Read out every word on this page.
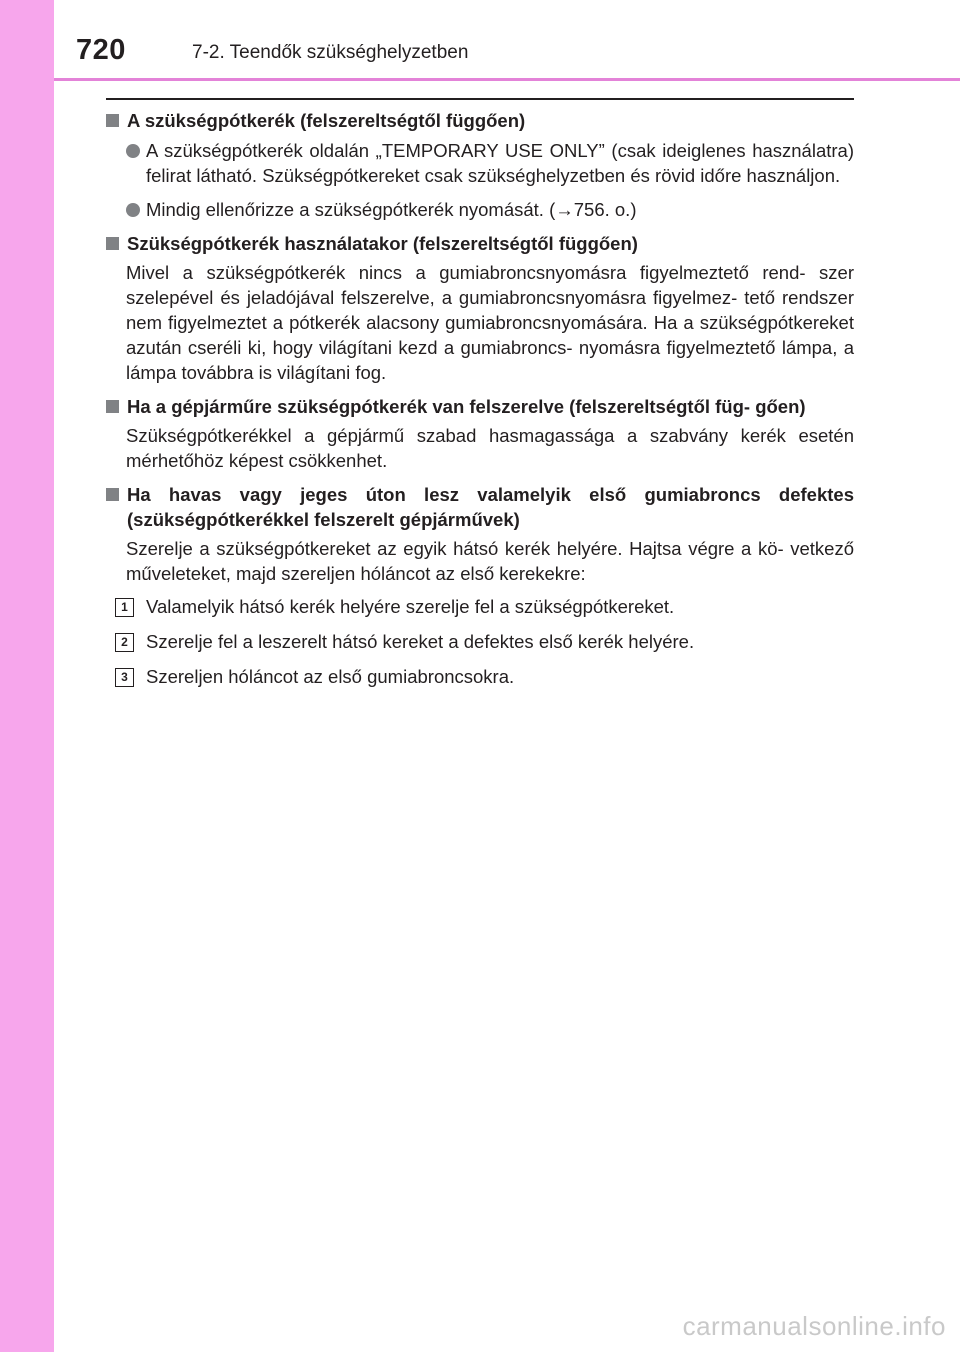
720	7-2. Teendők szükséghelyzetben
A szükségpótkerék (felszereltségtől függően)
A szükségpótkerék oldalán „TEMPORARY USE ONLY” (csak ideiglenes használatra) felirat látható. Szükségpótkereket csak szükséghelyzetben és rövid időre használjon.
Mindig ellenőrizze a szükségpótkerék nyomását. (→756. o.)
Szükségpótkerék használatakor (felszereltségtől függően)
Mivel a szükségpótkerék nincs a gumiabroncsnyomásra figyelmeztető rend- szer szelepével és jeladójával felszerelve, a gumiabroncsnyomásra figyelmez- tető rendszer nem figyelmeztet a pótkerék alacsony gumiabroncsnyomására. Ha a szükségpótkereket azután cseréli ki, hogy világítani kezd a gumiabroncs- nyomásra figyelmeztető lámpa, a lámpa továbbra is világítani fog.
Ha a gépjárműre szükségpótkerék van felszerelve (felszereltségtől füg- gően)
Szükségpótkerékkel a gépjármű szabad hasmagassága a szabvány kerék esetén mérhetőhöz képest csökkenhet.
Ha havas vagy jeges úton lesz valamelyik első gumiabroncs defektes (szükségpótkerékkel felszerelt gépjárművek)
Szerelje a szükségpótkereket az egyik hátsó kerék helyére. Hajtsa végre a kö- vetkező műveleteket, majd szereljen hóláncot az első kerekekre:
1 Valamelyik hátsó kerék helyére szerelje fel a szükségpótkereket.
2 Szerelje fel a leszerelt hátsó kereket a defektes első kerék helyére.
3 Szereljen hóláncot az első gumiabroncsokra.
carmanualsonline.info
